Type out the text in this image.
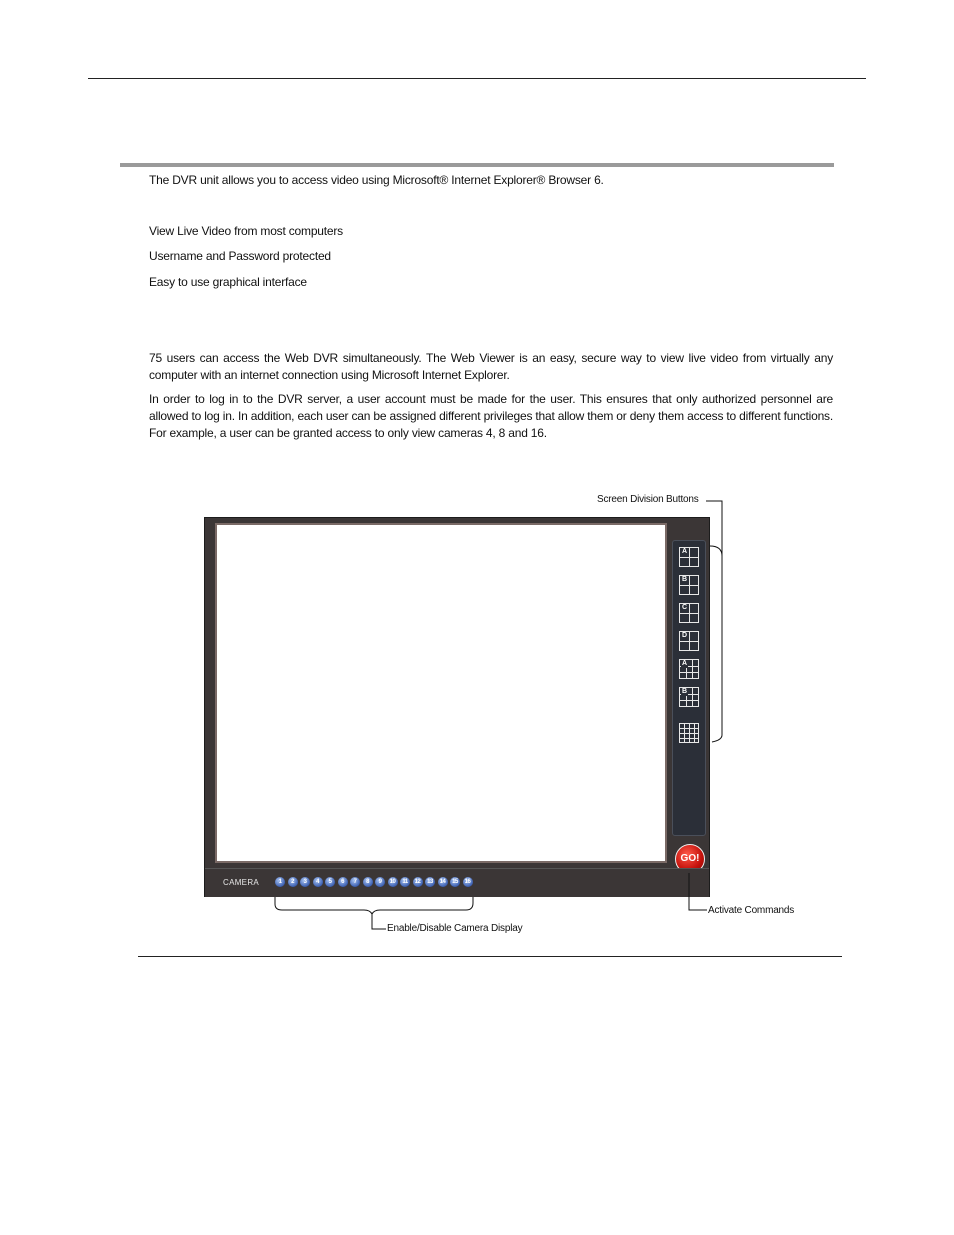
The DVR unit allows you to access video using Microsoft® Internet Explorer® Browser 6.
View Live Video from most computers
Username and Password protected
Easy to use graphical interface
75 users can access the Web DVR simultaneously. The Web Viewer is an easy, secure way to view live video from virtually any computer with an internet connection using Microsoft Internet Explorer.
In order to log in to the DVR server, a user account must be made for the user. This ensures that only authorized personnel are allowed to log in. In addition, each user can be assigned different privileges that allow them or deny them access to different functions. For example, a user can be granted access to only view cameras 4, 8 and 16.
A
B
C
D
A
B
GO!
CAMERA	1	2	3	4	5	6	7	8	9	10	11	12	13	14	15	16
Screen Division Buttons
Activate Commands
Enable/Disable Camera Display
